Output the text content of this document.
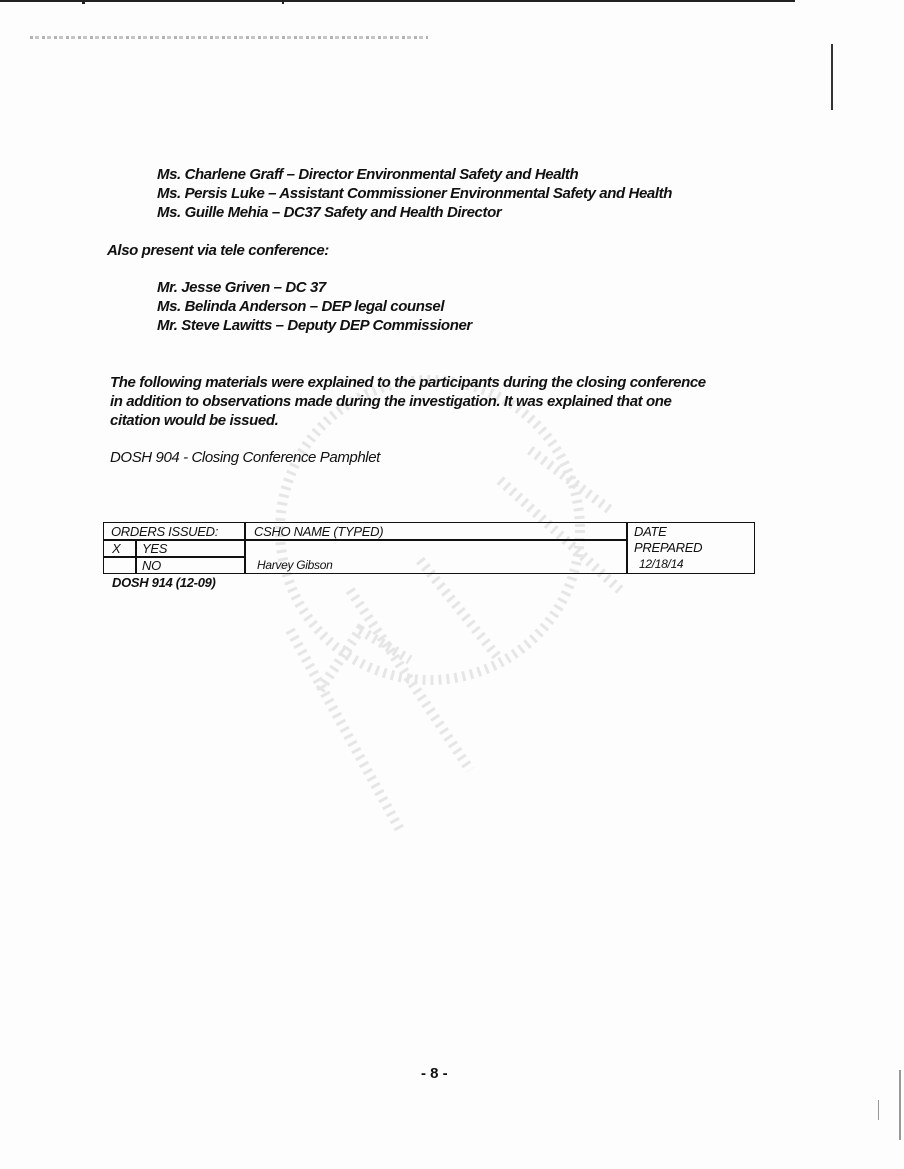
Ms. Charlene Graff – Director Environmental Safety and Health
Ms. Persis Luke – Assistant Commissioner Environmental Safety and Health
Ms. Guille Mehia – DC37 Safety and Health Director
Also present via tele conference:
Mr. Jesse Griven – DC 37
Ms. Belinda Anderson – DEP legal counsel
Mr. Steve Lawitts – Deputy DEP Commissioner
The following materials were explained to the participants during the closing conference
in addition to observations made during the investigation. It was explained that one
citation would be issued.
DOSH 904 - Closing Conference Pamphlet
ORDERS ISSUED:
X YES
NO
CSHO NAME (TYPED)
Harvey Gibson
DATE
PREPARED
12/18/14
DOSH 914 (12-09)
- 8 -
